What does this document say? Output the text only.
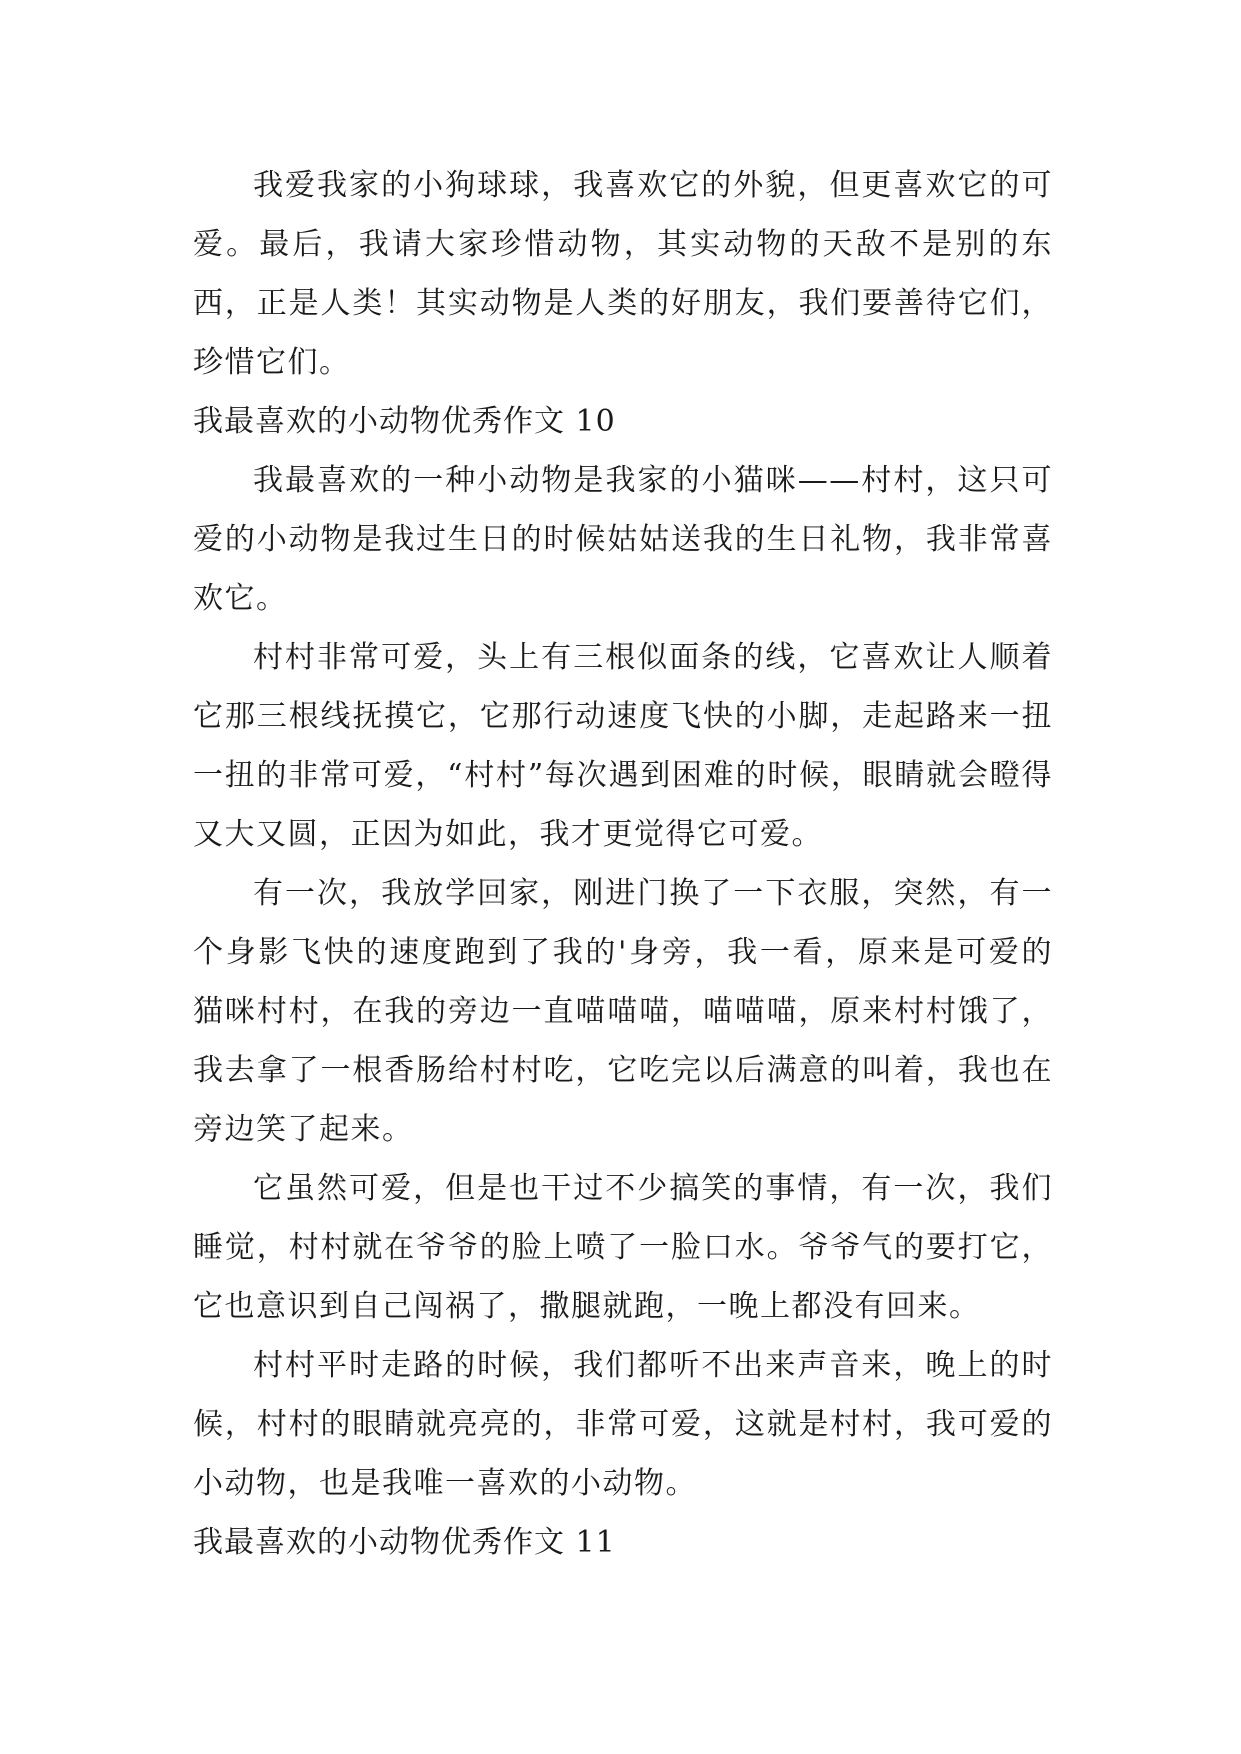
我爱我家的小狗球球，我喜欢它的外貌，但更喜欢它的可爱。最后，我请大家珍惜动物，其实动物的天敌不是别的东西，正是人类！其实动物是人类的好朋友，我们要善待它们，珍惜它们。

我最喜欢的小动物优秀作文 10

我最喜欢的一种小动物是我家的小猫咪——村村，这只可爱的小动物是我过生日的时候姑姑送我的生日礼物，我非常喜欢它。

村村非常可爱，头上有三根似面条的线，它喜欢让人顺着它那三根线抚摸它，它那行动速度飞快的小脚，走起路来一扭一扭的非常可爱，“村村”每次遇到困难的时候，眼睛就会瞪得又大又圆，正因为如此，我才更觉得它可爱。

有一次，我放学回家，刚进门换了一下衣服，突然，有一个身影飞快的速度跑到了我的'身旁，我一看，原来是可爱的猫咪村村，在我的旁边一直喵喵喵，喵喵喵，原来村村饿了，我去拿了一根香肠给村村吃，它吃完以后满意的叫着，我也在旁边笑了起来。

它虽然可爱，但是也干过不少搞笑的事情，有一次，我们睡觉，村村就在爷爷的脸上喷了一脸口水。爷爷气的要打它，它也意识到自己闯祸了，撒腿就跑，一晚上都没有回来。

村村平时走路的时候，我们都听不出来声音来，晚上的时候，村村的眼睛就亮亮的，非常可爱，这就是村村，我可爱的小动物，也是我唯一喜欢的小动物。

我最喜欢的小动物优秀作文 11
